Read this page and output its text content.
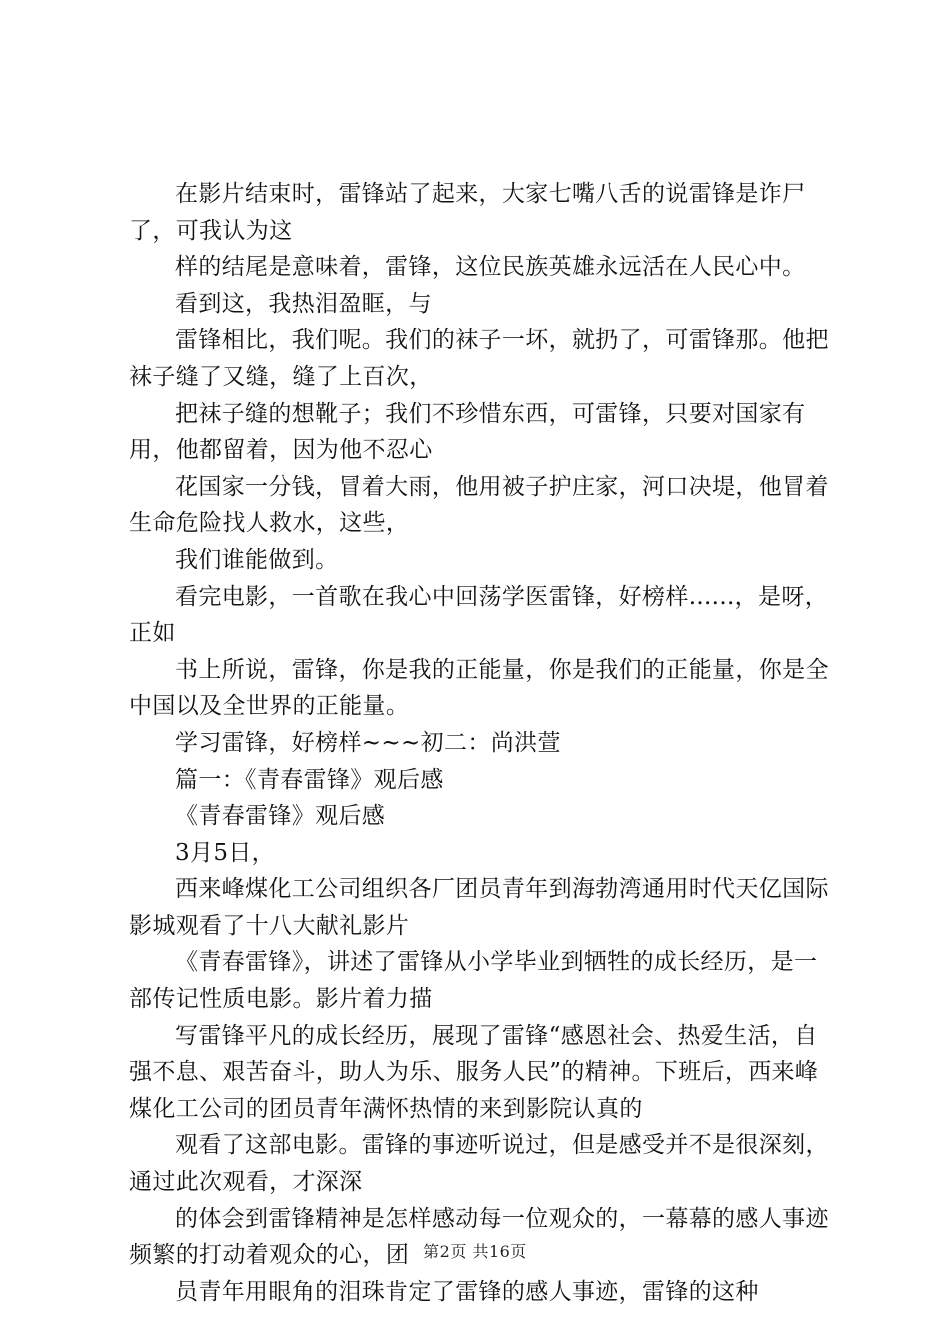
在影片结束时，雷锋站了起来，大家七嘴八舌的说雷锋是诈尸了，可我认为这

样的结尾是意味着，雷锋，这位民族英雄永远活在人民心中。

看到这，我热泪盈眶，与

雷锋相比，我们呢。我们的袜子一坏，就扔了，可雷锋那。他把袜子缝了又缝，缝了上百次，

把袜子缝的想靴子；我们不珍惜东西，可雷锋，只要对国家有用，他都留着，因为他不忍心

花国家一分钱，冒着大雨，他用被子护庄家，河口决堤，他冒着生命危险找人救水，这些，

我们谁能做到。

看完电影，一首歌在我心中回荡学医雷锋，好榜样......，是呀，正如

书上所说，雷锋，你是我的正能量，你是我们的正能量，你是全中国以及全世界的正能量。

学习雷锋，好榜样~~~初二：尚洪萱

篇一：《青春雷锋》观后感

《青春雷锋》观后感

3月5日，

西来峰煤化工公司组织各厂团员青年到海勃湾通用时代天亿国际影城观看了十八大献礼影片

《青春雷锋》，讲述了雷锋从小学毕业到牺牲的成长经历，是一部传记性质电影。影片着力描

写雷锋平凡的成长经历，展现了雷锋“感恩社会、热爱生活，自强不息、艰苦奋斗，助人为乐、服务人民”的精神。下班后，西来峰煤化工公司的团员青年满怀热情的来到影院认真的

观看了这部电影。雷锋的事迹听说过，但是感受并不是很深刻，通过此次观看，才深深

的体会到雷锋精神是怎样感动每一位观众的，一幕幕的感人事迹频繁的打动着观众的心，团

员青年用眼角的泪珠肯定了雷锋的感人事迹，雷锋的这种

第2页 共16页
